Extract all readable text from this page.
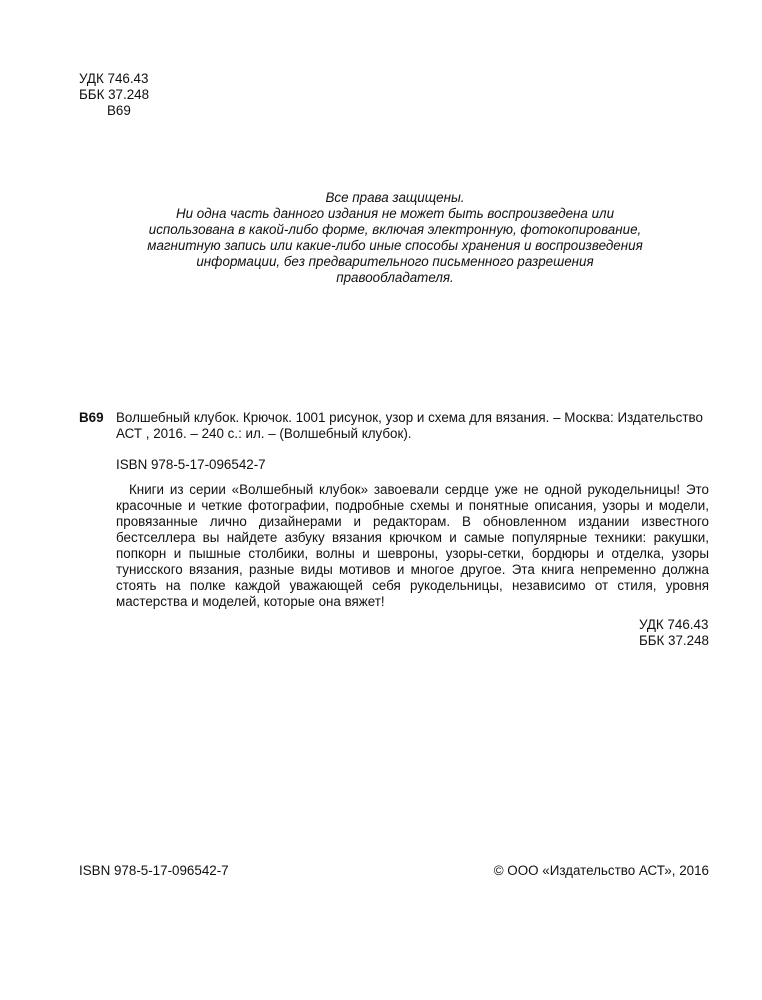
УДК 746.43
ББК 37.248
В69
Все права защищены.
Ни одна часть данного издания не может быть воспроизведена или
использована в какой-либо форме, включая электронную, фотокопирование,
магнитную запись или какие-либо иные способы хранения и воспроизведения
информации, без предварительного письменного разрешения
правообладателя.
В69 Волшебный клубок. Крючок. 1001 рисунок, узор и схема для вязания. – Москва: Издательство
АСТ , 2016. – 240 с.: ил. – (Волшебный клубок).
ISBN 978-5-17-096542-7
Книги из серии «Волшебный клубок» завоевали сердце уже не одной рукодельницы! Это
красочные и четкие фотографии, подробные схемы и понятные описания, узоры и модели,
провязанные лично дизайнерами и редакторам. В обновленном издании известного
бестселлера вы найдете азбуку вязания крючком и самые популярные техники: ракушки,
попкорн и пышные столбики, волны и шевроны, узоры-сетки, бордюры и отделка, узоры
тунисского вязания, разные виды мотивов и многое другое. Эта книга непременно должна
стоять на полке каждой уважающей себя рукодельницы, независимо от стиля, уровня
мастерства и моделей, которые она вяжет!
УДК 746.43
ББК 37.248
ISBN 978-5-17-096542-7	© ООО «Издательство АСТ», 2016
